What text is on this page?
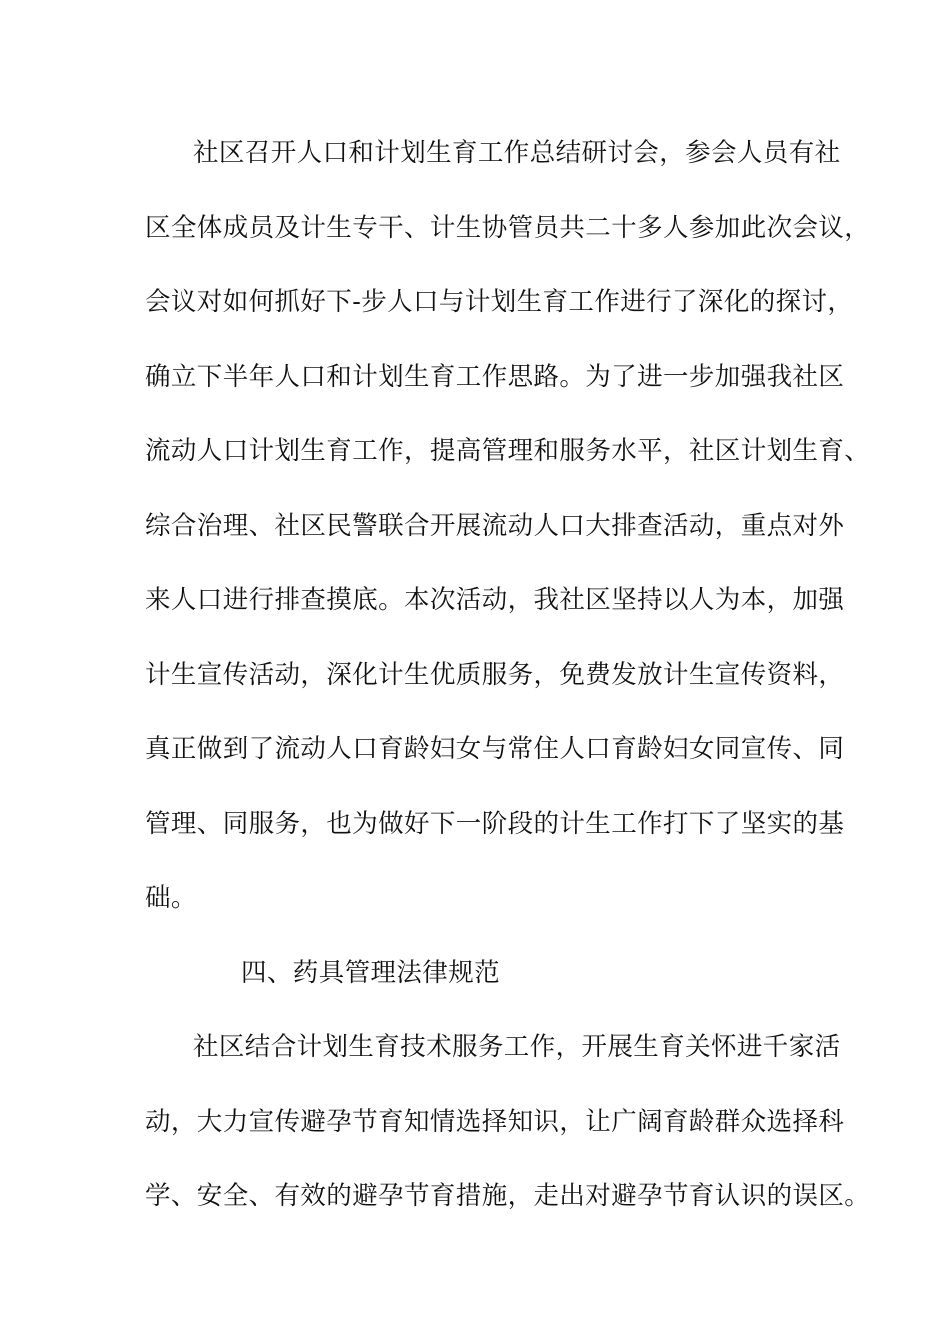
社区召开人口和计划生育工作总结研讨会，参会人员有社
区全体成员及计生专干、计生协管员共二十多人参加此次会议，
会议对如何抓好下-步人口与计划生育工作进行了深化的探讨，
确立下半年人口和计划生育工作思路。为了进一步加强我社区
流动人口计划生育工作，提高管理和服务水平，社区计划生育、
综合治理、社区民警联合开展流动人口大排查活动，重点对外
来人口进行排查摸底。本次活动，我社区坚持以人为本，加强
计生宣传活动，深化计生优质服务，免费发放计生宣传资料，
真正做到了流动人口育龄妇女与常住人口育龄妇女同宣传、同
管理、同服务，也为做好下一阶段的计生工作打下了坚实的基
础。
四、药具管理法律规范
社区结合计划生育技术服务工作，开展生育关怀进千家活
动，大力宣传避孕节育知情选择知识，让广阔育龄群众选择科
学、安全、有效的避孕节育措施，走出对避孕节育认识的误区。
